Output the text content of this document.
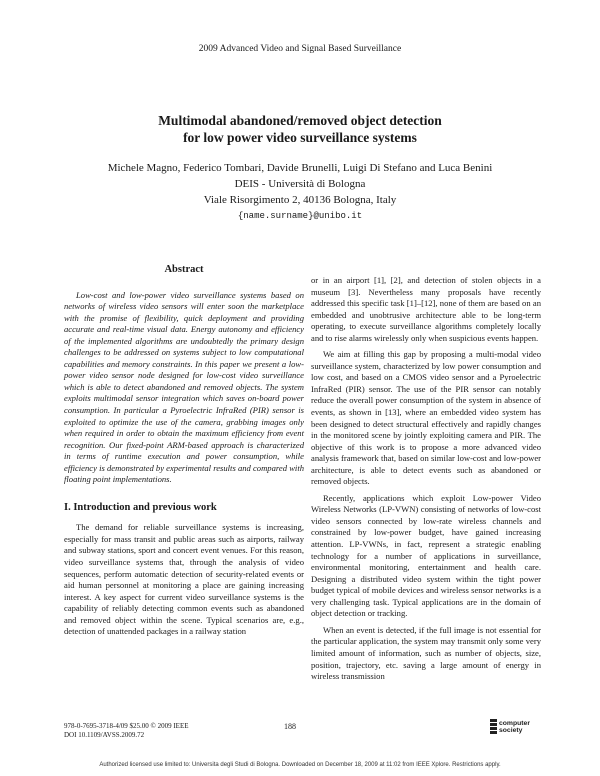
2009 Advanced Video and Signal Based Surveillance
Multimodal abandoned/removed object detection
for low power video surveillance systems
Michele Magno, Federico Tombari, Davide Brunelli, Luigi Di Stefano and Luca Benini
DEIS - Università di Bologna
Viale Risorgimento 2, 40136 Bologna, Italy
{name.surname}@unibo.it

Abstract

Low-cost and low-power video surveillance systems based on networks of wireless video sensors will enter soon the marketplace with the promise of flexibility, quick deployment and providing accurate and real-time visual data. Energy autonomy and efficiency of the implemented algorithms are undoubtedly the primary design challenges to be addressed on systems subject to low computational capabilities and memory constraints. In this paper we present a low-power video sensor node designed for low-cost video surveillance which is able to detect abandoned and removed objects. The system exploits multimodal sensor integration which saves on-board power consumption. In particular a Pyroelectric InfraRed (PIR) sensor is exploited to optimize the use of the camera, grabbing images only when required in order to obtain the maximum efficiency from event recognition. Our fixed-point ARM-based approach is characterized in terms of runtime execution and power consumption, while efficiency is demonstrated by experimental results and compared with floating point implementations.

I. Introduction and previous work

The demand for reliable surveillance systems is increasing, especially for mass transit and public areas such as airports, railway and subway stations, sport and concert event venues. For this reason, video surveillance systems that, through the analysis of video sequences, perform automatic detection of security-related events or aid human personnel at monitoring a place are gaining increasing interest. A key aspect for current video surveillance systems is the capability of reliably detecting common events such as abandoned and removed object within the scene. Typical scenarios are, e.g., detection of unattended packages in a railway station

or in an airport [1], [2], and detection of stolen objects in a museum [3]. Nevertheless many proposals have recently addressed this specific task [1]–[12], none of them are based on an embedded and unobtrusive architecture able to be long-term operating, to execute surveillance algorithms completely locally and to rise alarms wirelessly only when suspicious events happen.

We aim at filling this gap by proposing a multi-modal video surveillance system, characterized by low power consumption and low cost, and based on a CMOS video sensor and a Pyroelectric InfraRed (PIR) sensor. The use of the PIR sensor can notably reduce the overall power consumption of the system in absence of events, as shown in [13], where an embedded video system has been designed to detect structural effectively and rapidly changes in the monitored scene by jointly exploiting camera and PIR. The objective of this work is to propose a more advanced video analysis framework that, based on similar low-cost and low-power architecture, is able to detect events such as abandoned or removed objects.

Recently, applications which exploit Low-power Video Wireless Networks (LP-VWN) consisting of networks of low-cost video sensors connected by low-rate wireless channels and constrained by low-power budget, have gained increasing attention. LP-VWNs, in fact, represent a strategic enabling technology for a number of applications in surveillance, environmental monitoring, entertainment and health care. Designing a distributed video system within the tight power budget typical of mobile devices and wireless sensor networks is a very challenging task. Typical applications are in the domain of object detection or tracking.

When an event is detected, if the full image is not essential for the particular application, the system may transmit only some very limited amount of information, such as number of objects, size, position, trajectory, etc. saving a large amount of energy in wireless transmission

978-0-7695-3718-4/09 $25.00 © 2009 IEEE
DOI 10.1109/AVSS.2009.72
188	computer
society
Authorized licensed use limited to: Universita degli Studi di Bologna. Downloaded on December 18, 2009 at 11:02 from IEEE Xplore. Restrictions apply.
